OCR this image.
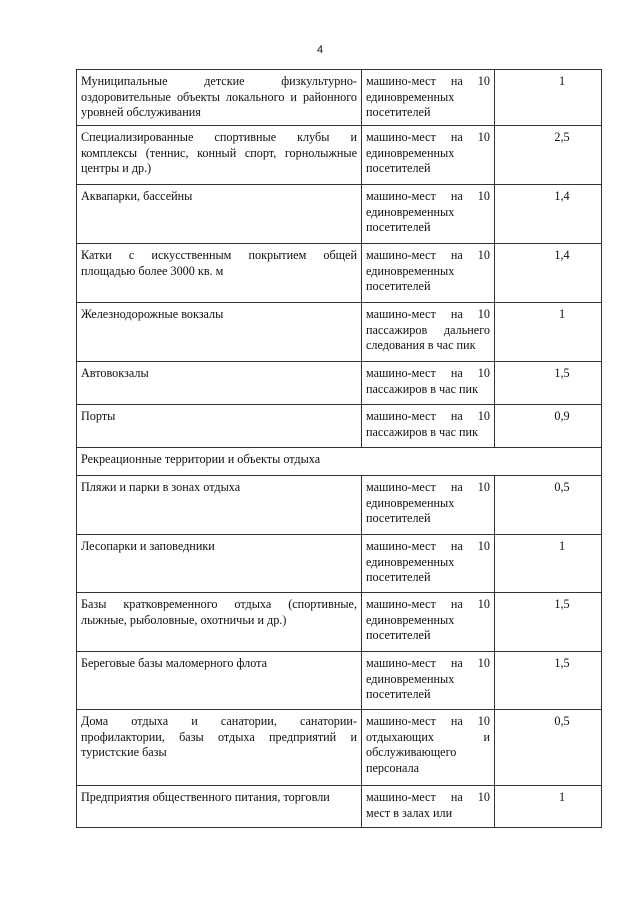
4
Муниципальные детские физкультурно-оздоровительные объекты локального и районного уровней обслуживания	машино-мест на 10 единовременных посетителей	1
Специализированные спортивные клубы и комплексы (теннис, конный спорт, горнолыжные центры и др.)	машино-мест на 10 единовременных посетителей	2,5
Аквапарки, бассейны	машино-мест на 10 единовременных посетителей	1,4
Катки с искусственным покрытием общей площадью более 3000 кв. м	машино-мест на 10 единовременных посетителей	1,4
Железнодорожные вокзалы	машино-мест на 10 пассажиров дальнего следования в час пик	1
Автовокзалы	машино-мест на 10 пассажиров в час пик	1,5
Порты	машино-мест на 10 пассажиров в час пик	0,9
Рекреационные территории и объекты отдыха		
Пляжи и парки в зонах отдыха	машино-мест на 10 единовременных посетителей	0,5
Лесопарки и заповедники	машино-мест на 10 единовременных посетителей	1
Базы кратковременного отдыха (спортивные, лыжные, рыболовные, охотничьи и др.)	машино-мест на 10 единовременных посетителей	1,5
Береговые базы маломерного флота	машино-мест на 10 единовременных посетителей	1,5
Дома отдыха и санатории, санатории-профилактории, базы отдыха предприятий и туристские базы	машино-мест на 10 отдыхающих и обслуживающего персонала	0,5
Предприятия общественного питания, торговли	машино-мест на 10 мест в залах или	1
